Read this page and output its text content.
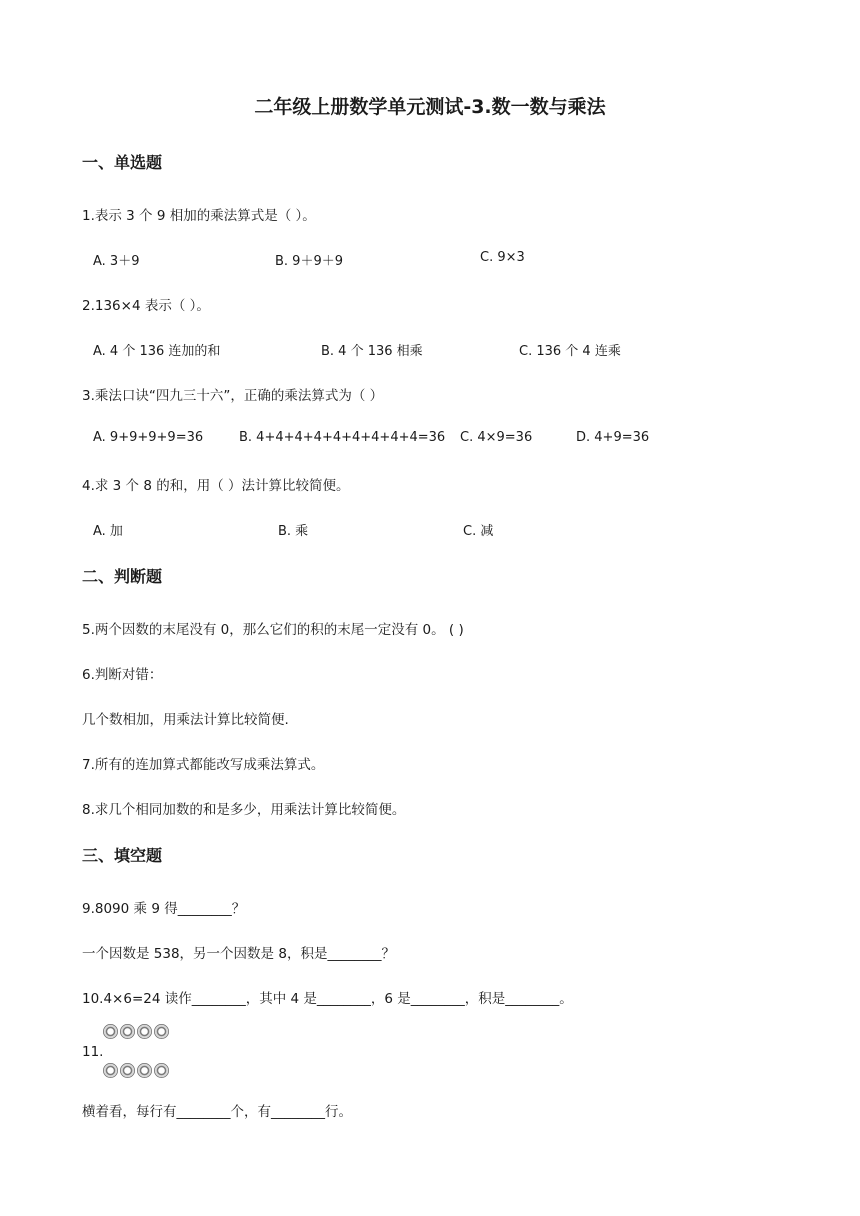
二年级上册数学单元测试-3.数一数与乘法
一、单选题
1.表示 3 个 9 相加的乘法算式是（ ）。
A. 3＋9	B. 9＋9＋9	C. 9×3
2.136×4 表示（ ）。
A. 4 个 136 连加的和	B. 4 个 136 相乘	C. 136 个 4 连乘
3.乘法口诀“四九三十六”，正确的乘法算式为（ ）
A. 9+9+9+9=36	B. 4+4+4+4+4+4+4+4+4=36 C. 4×9=36	D. 4+9=36
4.求 3 个 8 的和，用（ ）法计算比较简便。
A. 加	B. 乘	C. 减
二、判断题
5.两个因数的末尾没有 0，那么它们的积的末尾一定没有 0。 ( )
6.判断对错：
几个数相加，用乘法计算比较简便.
7.所有的连加算式都能改写成乘法算式。
8.求几个相同加数的和是多少，用乘法计算比较简便。
三、填空题
9.8090 乘 9 得________？
一个因数是 538，另一个因数是 8，积是________？
10.4×6=24 读作________，其中 4 是________，6 是________，积是________。
11.
横着看，每行有________个，有________行。
